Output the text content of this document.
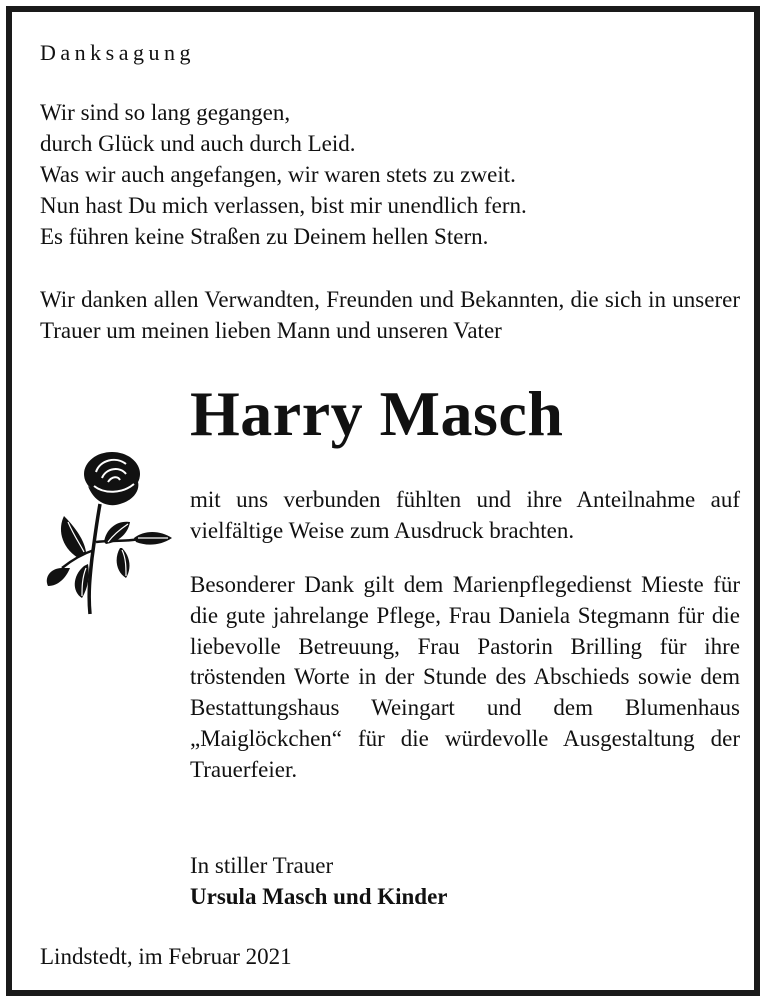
Danksagung

Wir sind so lang gegangen,
durch Glück und auch durch Leid.
Was wir auch angefangen, wir waren stets zu zweit.
Nun hast Du mich verlassen, bist mir unendlich fern.
Es führen keine Straßen zu Deinem hellen Stern.

Wir danken allen Verwandten, Freunden und Bekannten, die sich in unserer Trauer um meinen lieben Mann und unseren Vater

Harry Masch

mit uns verbunden fühlten und ihre Anteilnahme auf vielfältige Weise zum Ausdruck brachten.

Besonderer Dank gilt dem Marienpflegedienst Mieste für die gute jahrelange Pflege, Frau Daniela Stegmann für die liebevolle Betreuung, Frau Pastorin Brilling für ihre tröstenden Worte in der Stunde des Abschieds sowie dem Bestattungshaus Weingart und dem Blumenhaus „Maiglöckchen“ für die würdevolle Ausgestaltung der Trauerfeier.

In stiller Trauer

Ursula Masch und Kinder

Lindstedt, im Februar 2021
